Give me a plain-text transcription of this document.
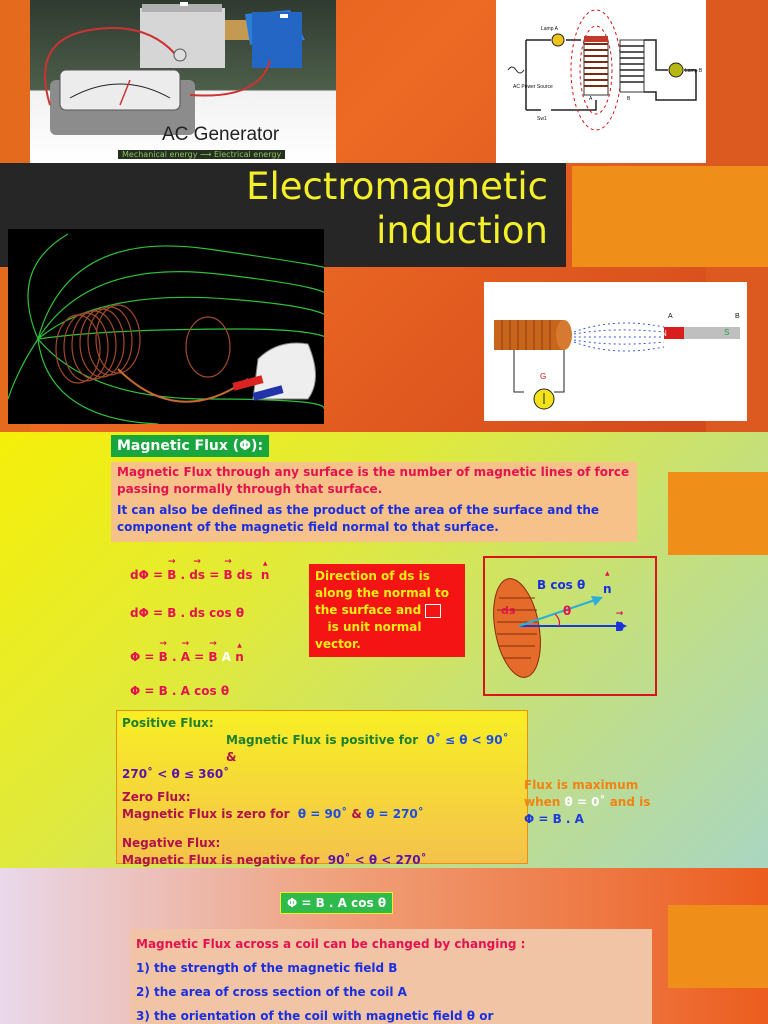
AC Generator
Mechanical energy ⟶ Electrical energy
Lamp A
Lamp B
AC Power Source
A	B
Sw1
Electromagnetic
induction
A	B
N	S
G
Magnetic Flux (Φ):
Magnetic Flux through any surface is the number of magnetic lines of force passing normally through that surface.
It can also be defined as the product of the area of the surface and the component of the magnetic field normal to that surface.
dΦ = → B . → ds = → B ds  ▲ n
dΦ = B . ds cos θ
Φ = → B . → A = → B A ▲ n
Φ = B . A cos θ
Direction of ds is along the normal to the surface and
is unit normal vector.
B cos θ ▲ n
θ
ds
→ B
Positive Flux:
Magnetic Flux is positive for 0˚ ≤ θ < 90˚ &
270˚ < θ ≤ 360˚
Zero Flux:
Magnetic Flux is zero for θ = 90˚ & θ = 270˚
Negative Flux:
Magnetic Flux is negative for 90˚ < θ < 270˚
Flux is maximum
when θ = 0˚ and is
Φ = B . A
Φ = B . A cos θ
Magnetic Flux across a coil can be changed by changing :
1) the strength of the magnetic field B
2) the area of cross section of the coil A
3) the orientation of the coil with magnetic field θ or
